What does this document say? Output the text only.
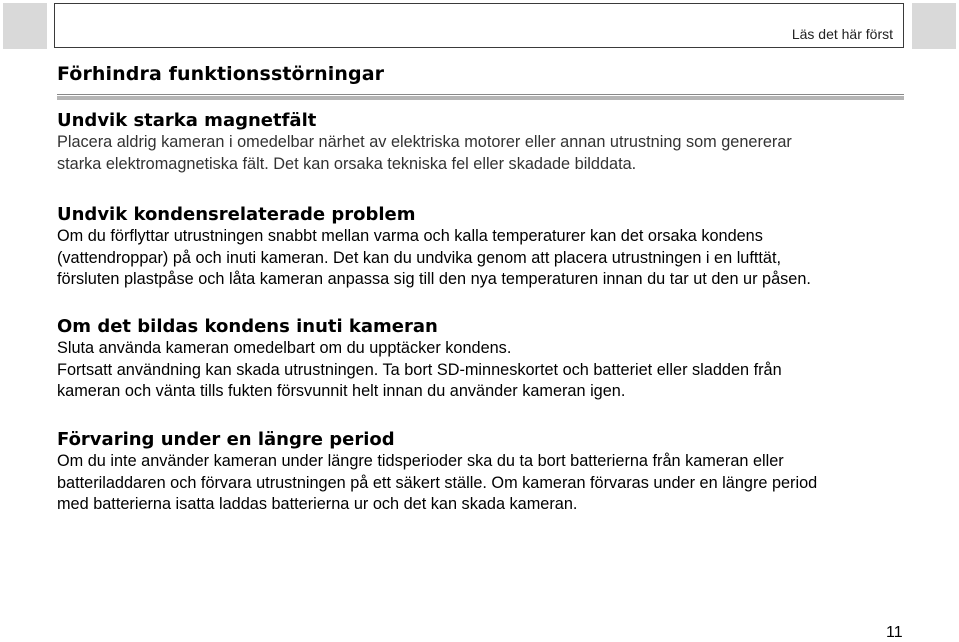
Läs det här först
Förhindra funktionsstörningar
Undvik starka magnetfält
Placera aldrig kameran i omedelbar närhet av elektriska motorer eller annan utrustning som genererar
starka elektromagnetiska fält. Det kan orsaka tekniska fel eller skadade bilddata.
Undvik kondensrelaterade problem
Om du förflyttar utrustningen snabbt mellan varma och kalla temperaturer kan det orsaka kondens
(vattendroppar) på och inuti kameran. Det kan du undvika genom att placera utrustningen i en lufttät,
försluten plastpåse och låta kameran anpassa sig till den nya temperaturen innan du tar ut den ur påsen.
Om det bildas kondens inuti kameran
Sluta använda kameran omedelbart om du upptäcker kondens.
Fortsatt användning kan skada utrustningen. Ta bort SD-minneskortet och batteriet eller sladden från
kameran och vänta tills fukten försvunnit helt innan du använder kameran igen.
Förvaring under en längre period
Om du inte använder kameran under längre tidsperioder ska du ta bort batterierna från kameran eller
batteriladdaren och förvara utrustningen på ett säkert ställe. Om kameran förvaras under en längre period
med batterierna isatta laddas batterierna ur och det kan skada kameran.
11
